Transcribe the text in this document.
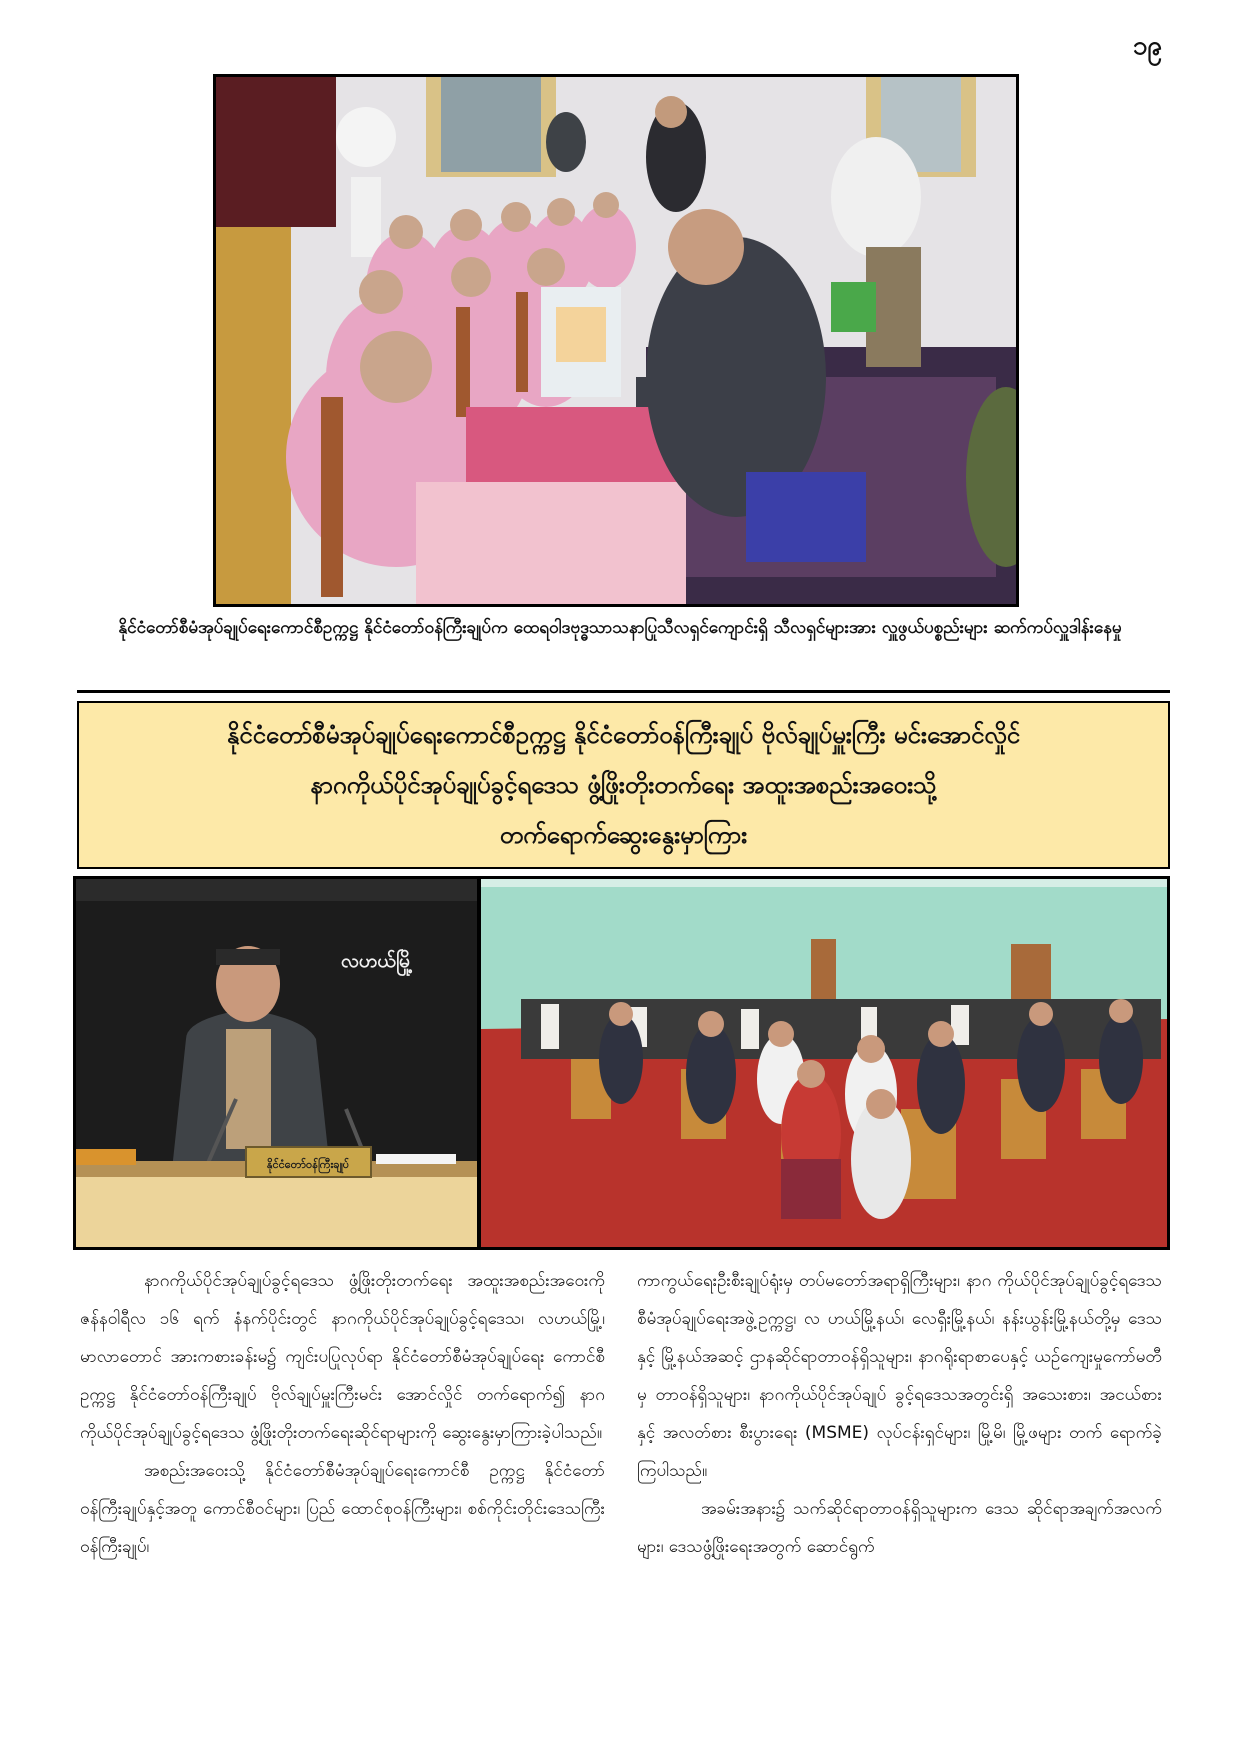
၁၉
နိုင်ငံတော်စီမံအုပ်ချုပ်ရေးကောင်စီဥက္ကဋ္ဌ နိုင်ငံတော်ဝန်ကြီးချုပ်က ထေရဝါဒဗုဒ္ဓသာသနာပြုသီလရှင်ကျောင်းရှိ သီလရှင်များအား လှူဖွယ်ပစ္စည်းများ ဆက်ကပ်လှူဒါန်းနေမှု
နိုင်ငံတော်စီမံအုပ်ချုပ်ရေးကောင်စီဥက္ကဋ္ဌ နိုင်ငံတော်ဝန်ကြီးချုပ် ဗိုလ်ချုပ်မှူးကြီး မင်းအောင်လှိုင်
နာဂကိုယ်ပိုင်အုပ်ချုပ်ခွင့်ရဒေသ ဖွံ့ဖြိုးတိုးတက်ရေး အထူးအစည်းအဝေးသို့
တက်ရောက်ဆွေးနွေးမှာကြား
လဟယ်မြို့
နိုင်ငံတော်ဝန်ကြီးချုပ်

နာဂကိုယ်ပိုင်အုပ်ချုပ်ခွင့်ရဒေသ ဖွံ့ဖြိုးတိုးတက်ရေး အထူးအစည်းအဝေးကို ဇန်နဝါရီလ ၁၆ ရက် နံနက်ပိုင်းတွင် နာဂကိုယ်ပိုင်အုပ်ချုပ်ခွင့်ရဒေသ၊ လဟယ်မြို့၊ မာလာတောင် အားကစားခန်းမ၌ ကျင်းပပြုလုပ်ရာ နိုင်ငံတော်စီမံအုပ်ချုပ်ရေး ကောင်စီဥက္ကဋ္ဌ နိုင်ငံတော်ဝန်ကြီးချုပ် ဗိုလ်ချုပ်မှူးကြီးမင်း အောင်လှိုင် တက်ရောက်၍ နာဂကိုယ်ပိုင်အုပ်ချုပ်ခွင့်ရဒေသ ဖွံ့ဖြိုးတိုးတက်ရေးဆိုင်ရာများကို ဆွေးနွေးမှာကြားခဲ့ပါသည်။

အစည်းအဝေးသို့ နိုင်ငံတော်စီမံအုပ်ချုပ်ရေးကောင်စီ ဥက္ကဋ္ဌ နိုင်ငံတော်ဝန်ကြီးချုပ်နှင့်အတူ ကောင်စီဝင်များ၊ ပြည် ထောင်စုဝန်ကြီးများ၊ စစ်ကိုင်းတိုင်းဒေသကြီး ဝန်ကြီးချုပ်၊

ကာကွယ်ရေးဦးစီးချုပ်ရုံးမှ တပ်မတော်အရာရှိကြီးများ၊ နာဂ ကိုယ်ပိုင်အုပ်ချုပ်ခွင့်ရဒေသ စီမံအုပ်ချုပ်ရေးအဖွဲ့ဥက္ကဋ္ဌ၊ လ ဟယ်မြို့နယ်၊ လေရှီးမြို့နယ်၊ နန်းယွန်းမြို့နယ်တို့မှ ဒေသနှင့် မြို့နယ်အဆင့် ဌာနဆိုင်ရာတာဝန်ရှိသူများ၊ နာဂရိုးရာစာပေနှင့် ယဉ်ကျေးမှုကော်မတီမှ တာဝန်ရှိသူများ၊ နာဂကိုယ်ပိုင်အုပ်ချုပ် ခွင့်ရဒေသအတွင်းရှိ အသေးစား၊ အငယ်စားနှင့် အလတ်စား စီးပွားရေး (MSME) လုပ်ငန်းရှင်များ၊ မြို့မိ၊ မြို့ဖများ တက် ရောက်ခဲ့ကြပါသည်။

အခမ်းအနား၌ သက်ဆိုင်ရာတာဝန်ရှိသူများက ဒေသ ဆိုင်ရာအချက်အလက်များ၊ ဒေသဖွံ့ဖြိုးရေးအတွက် ဆောင်ရွက်
